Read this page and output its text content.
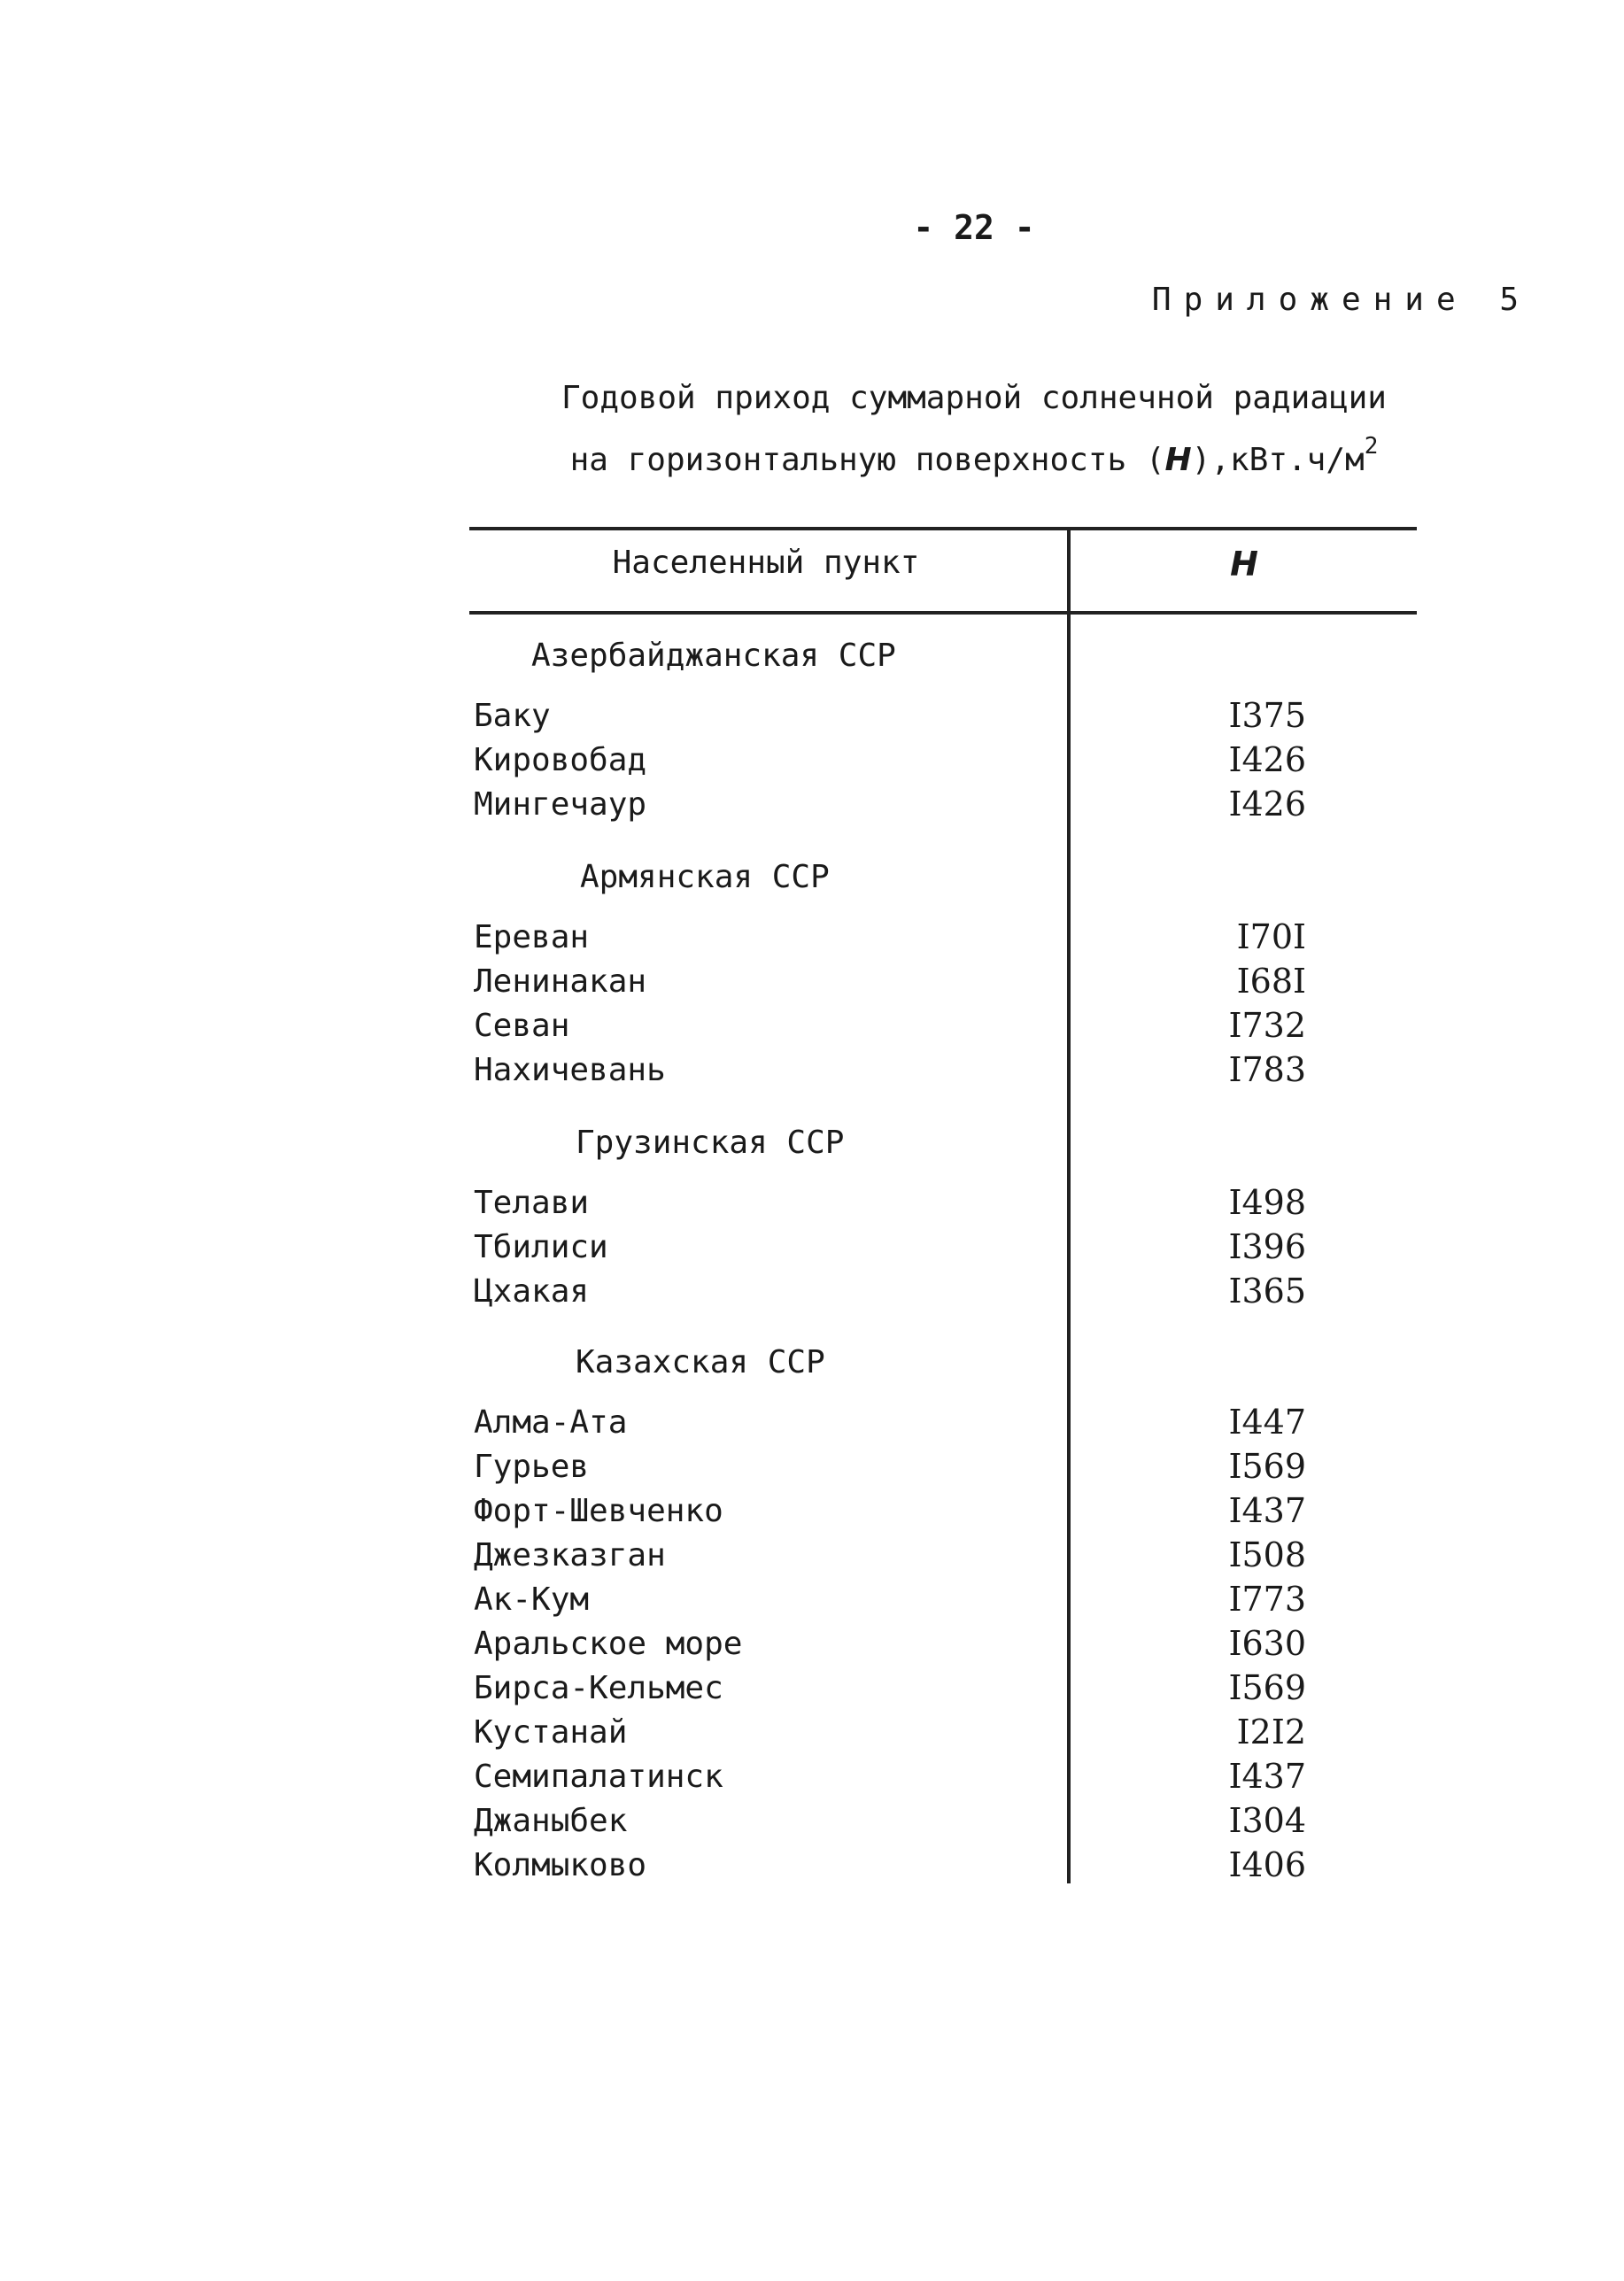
- 22 -
Приложение 5
Годовой приход суммарной солнечной радиации
на горизонтальную поверхность $(H),кВт.ч/м^2$
Населенный пункт	H
Азербайджанская ССР
Баку	I375
Кировобад	I426
Мингечаур	I426
Армянская ССР
Ереван	I70I
Ленинакан	I68I
Севан	I732
Нахичевань	I783
Грузинская ССР
Телави	I498
Тбилиси	I396
Цхакая	I365
Казахская ССР
Алма-Ата	I447
Гурьев	I569
Форт-Шевченко	I437
Джезказган	I508
Ак-Кум	I773
Аральское море	I630
Бирса-Кельмес	I569
Кустанай	I2I2
Семипалатинск	I437
Джаныбек	I304
Колмыково	I406
